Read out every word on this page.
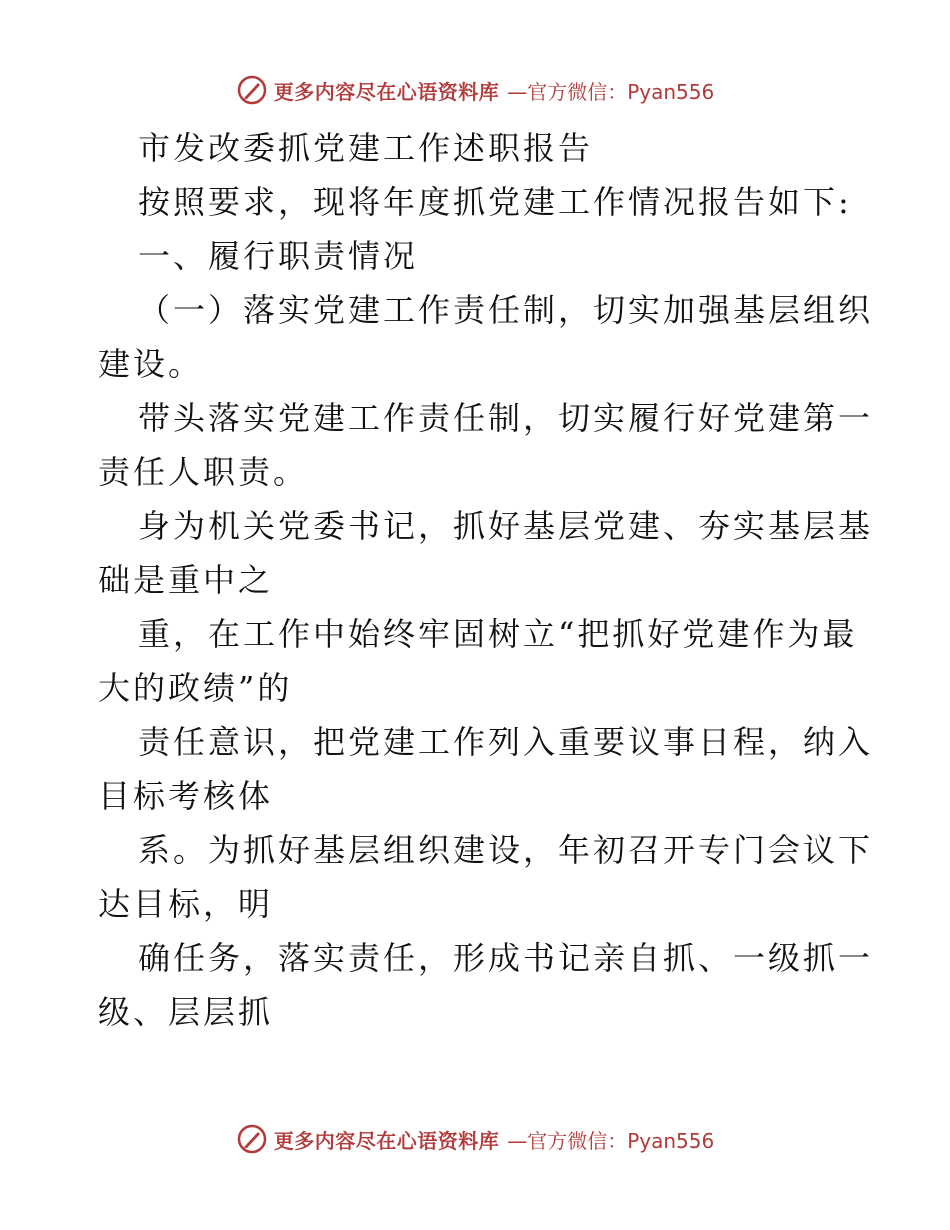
更多内容尽在心语资料库 —官方微信：Pyan556
市发改委抓党建工作述职报告
按照要求，现将年度抓党建工作情况报告如下:
一、履行职责情况
（一）落实党建工作责任制，切实加强基层组织
建设。
带头落实党建工作责任制，切实履行好党建第一
责任人职责。
身为机关党委书记，抓好基层党建、夯实基层基
础是重中之
重，在工作中始终牢固树立“把抓好党建作为最
大的政绩”的
责任意识，把党建工作列入重要议事日程，纳入
目标考核体
系。为抓好基层组织建设，年初召开专门会议下
达目标，明
确任务，落实责任，形成书记亲自抓、一级抓一
级、层层抓
更多内容尽在心语资料库 —官方微信：Pyan556
